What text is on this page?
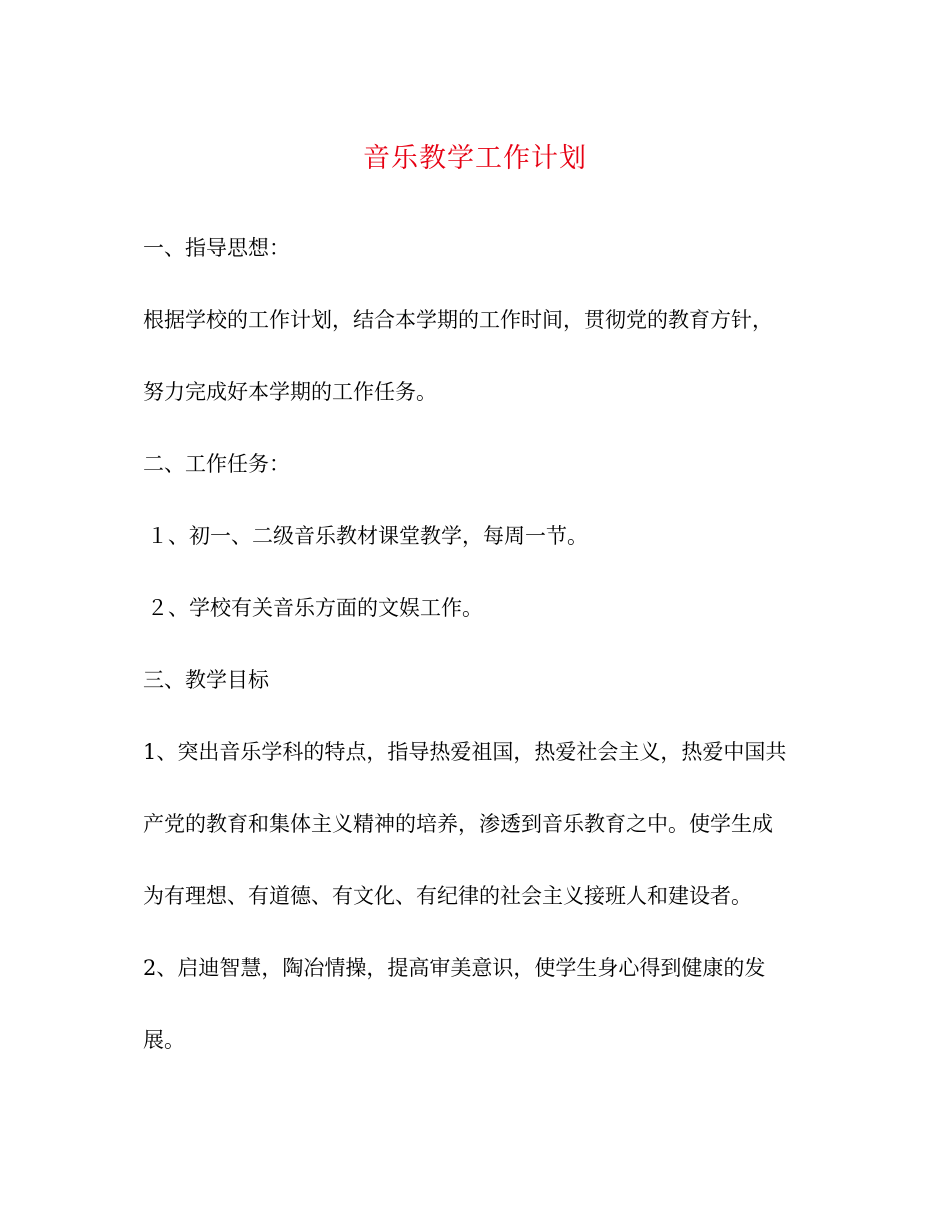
音乐教学工作计划
一、指导思想：
根据学校的工作计划，结合本学期的工作时间，贯彻党的教育方针，
努力完成好本学期的工作任务。
二、工作任务：
１、初一、二级音乐教材课堂教学，每周一节。
２、学校有关音乐方面的文娱工作。
三、教学目标
1、突出音乐学科的特点，指导热爱祖国，热爱社会主义，热爱中国共
产党的教育和集体主义精神的培养，渗透到音乐教育之中。使学生成
为有理想、有道德、有文化、有纪律的社会主义接班人和建设者。
2、启迪智慧，陶冶情操，提高审美意识，使学生身心得到健康的发
展。
